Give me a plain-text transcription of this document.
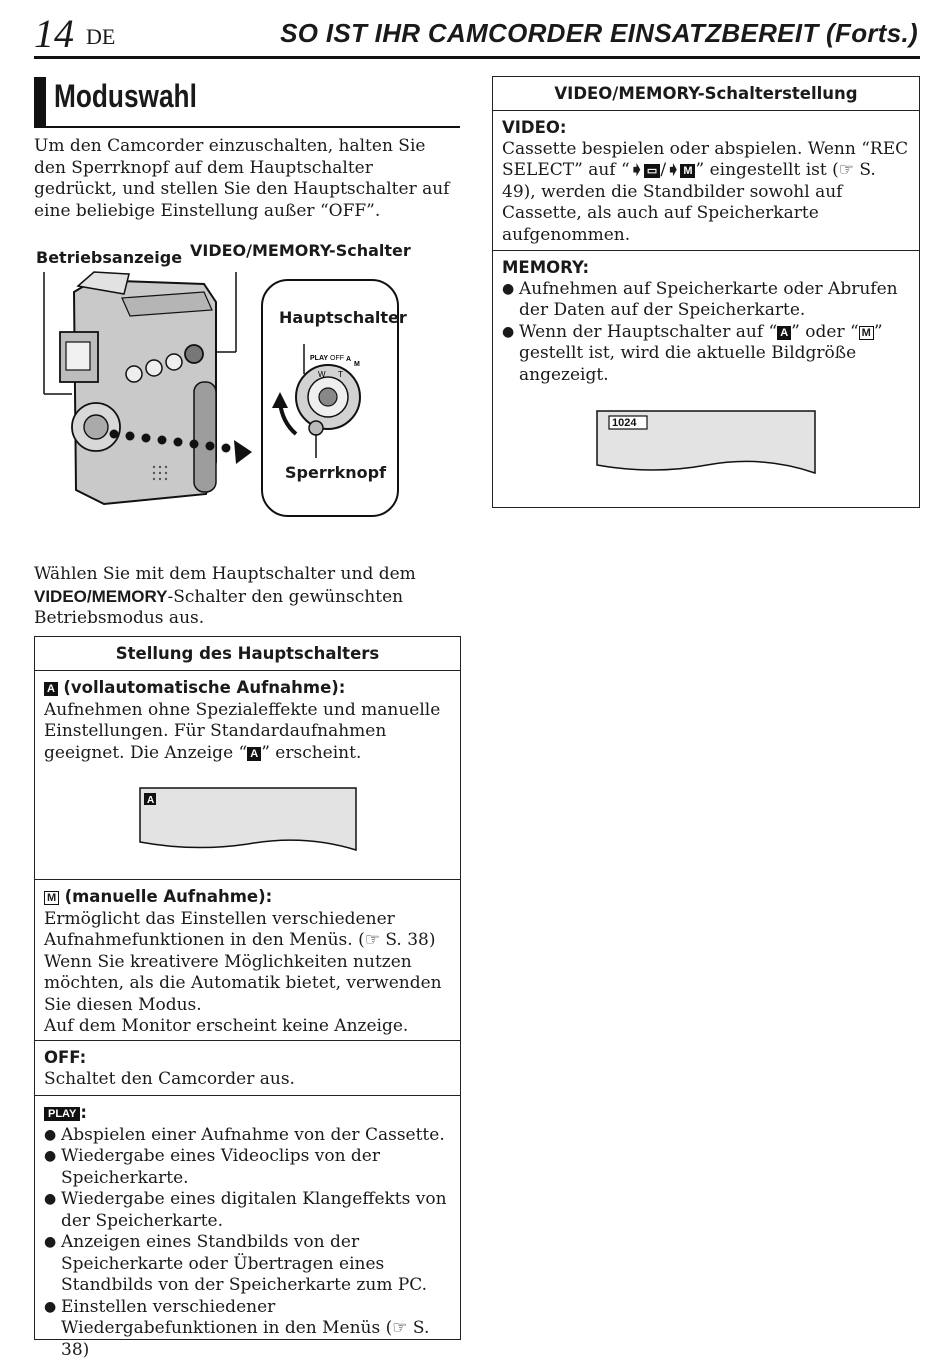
14 DE	SO IST IHR CAMCORDER EINSATZBEREIT (Forts.)
Moduswahl
Um den Camcorder einzuschalten, halten Sie den Sperrknopf auf dem Hauptschalter gedrückt, und stellen Sie den Hauptschalter auf eine beliebige Einstellung außer “OFF”.
Betriebsanzeige VIDEO/MEMORY-Schalter
PLAY OFF A
M
W T
Hauptschalter
Sperrknopf
Wählen Sie mit dem Hauptschalter und dem VIDEO/MEMORY-Schalter den gewünschten Betriebsmodus aus.
Stellung des Hauptschalters
A (vollautomatische Aufnahme):
Aufnehmen ohne Spezialeffekte und manuelle Einstellungen. Für Standardaufnahmen geeignet. Die Anzeige “ A ” erscheint.
A
M (manuelle Aufnahme):
Ermöglicht das Einstellen verschiedener Aufnahmefunktionen in den Menüs. (☞ S. 38)
Wenn Sie kreativere Möglichkeiten nutzen möchten, als die Automatik bietet, verwenden Sie diesen Modus.
Auf dem Monitor erscheint keine Anzeige.
OFF:
Schaltet den Camcorder aus.
PLAY :
● Abspielen einer Aufnahme von der Cassette.
● Wiedergabe eines Videoclips von der Speicherkarte.
● Wiedergabe eines digitalen Klangeffekts von der Speicherkarte.
● Anzeigen eines Standbilds von der Speicherkarte oder Übertragen eines Standbilds von der Speicherkarte zum PC.
● Einstellen verschiedener Wiedergabefunktionen in den Menüs (☞ S. 38)
VIDEO/MEMORY-Schalterstellung
VIDEO:
Cassette bespielen oder abspielen. Wenn “REC SELECT” auf “➧ ▭ /➧ M ” eingestellt ist (☞ S. 49), werden die Standbilder sowohl auf Cassette, als auch auf Speicherkarte aufgenommen.
MEMORY:
● Aufnehmen auf Speicherkarte oder Abrufen der Daten auf der Speicherkarte.
● Wenn der Hauptschalter auf “ A ” oder “ M ” gestellt ist, wird die aktuelle Bildgröße angezeigt.
1024
